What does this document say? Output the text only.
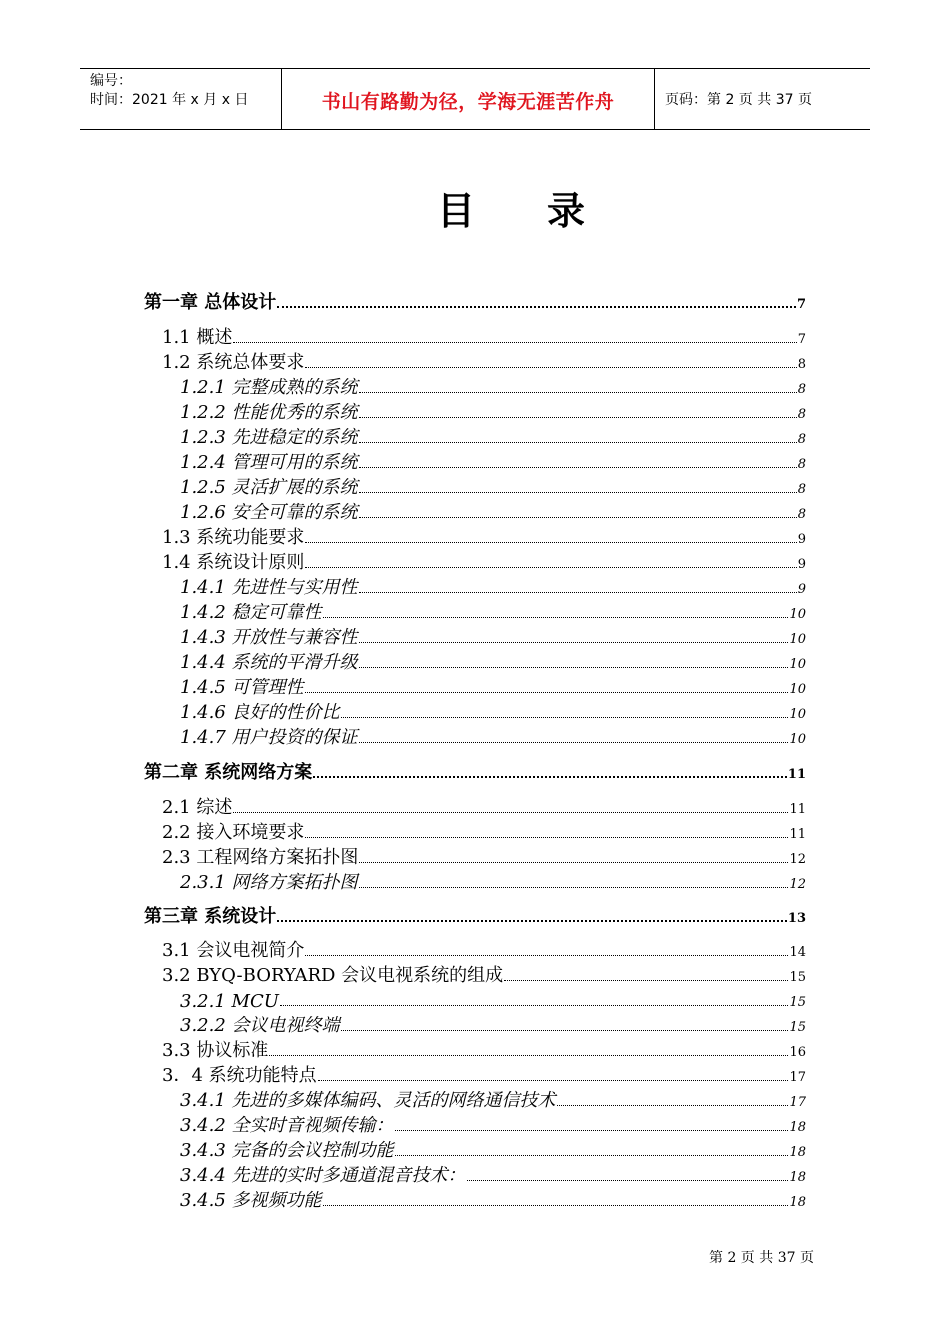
编号：
时间：2021 年 x 月 x 日	书山有路勤为径，学海无涯苦作舟	页码：第 2 页 共 37 页
目录
第一章 总体设计	7
1.1 概述	7
1.2 系统总体要求	8
1.2.1 完整成熟的系统	8
1.2.2 性能优秀的系统	8
1.2.3 先进稳定的系统	8
1.2.4 管理可用的系统	8
1.2.5 灵活扩展的系统	8
1.2.6 安全可靠的系统	8
1.3 系统功能要求	9
1.4 系统设计原则	9
1.4.1 先进性与实用性	9
1.4.2 稳定可靠性	10
1.4.3 开放性与兼容性	10
1.4.4 系统的平滑升级	10
1.4.5 可管理性	10
1.4.6 良好的性价比	10
1.4.7 用户投资的保证	10
第二章 系统网络方案	11
2.1 综述	11
2.2 接入环境要求	11
2.3 工程网络方案拓扑图	12
2.3.1 网络方案拓扑图	12
第三章 系统设计	13
3.1 会议电视简介	14
3.2 BYQ-BORYARD 会议电视系统的组成	15
3.2.1 MCU	15
3.2.2 会议电视终端	15
3.3 协议标准	16
3．4 系统功能特点	17
3.4.1 先进的多媒体编码、灵活的网络通信技术	17
3.4.2 全实时音视频传输：	18
3.4.3 完备的会议控制功能	18
3.4.4 先进的实时多通道混音技术：	18
3.4.5 多视频功能	18
第 2 页 共 37 页
